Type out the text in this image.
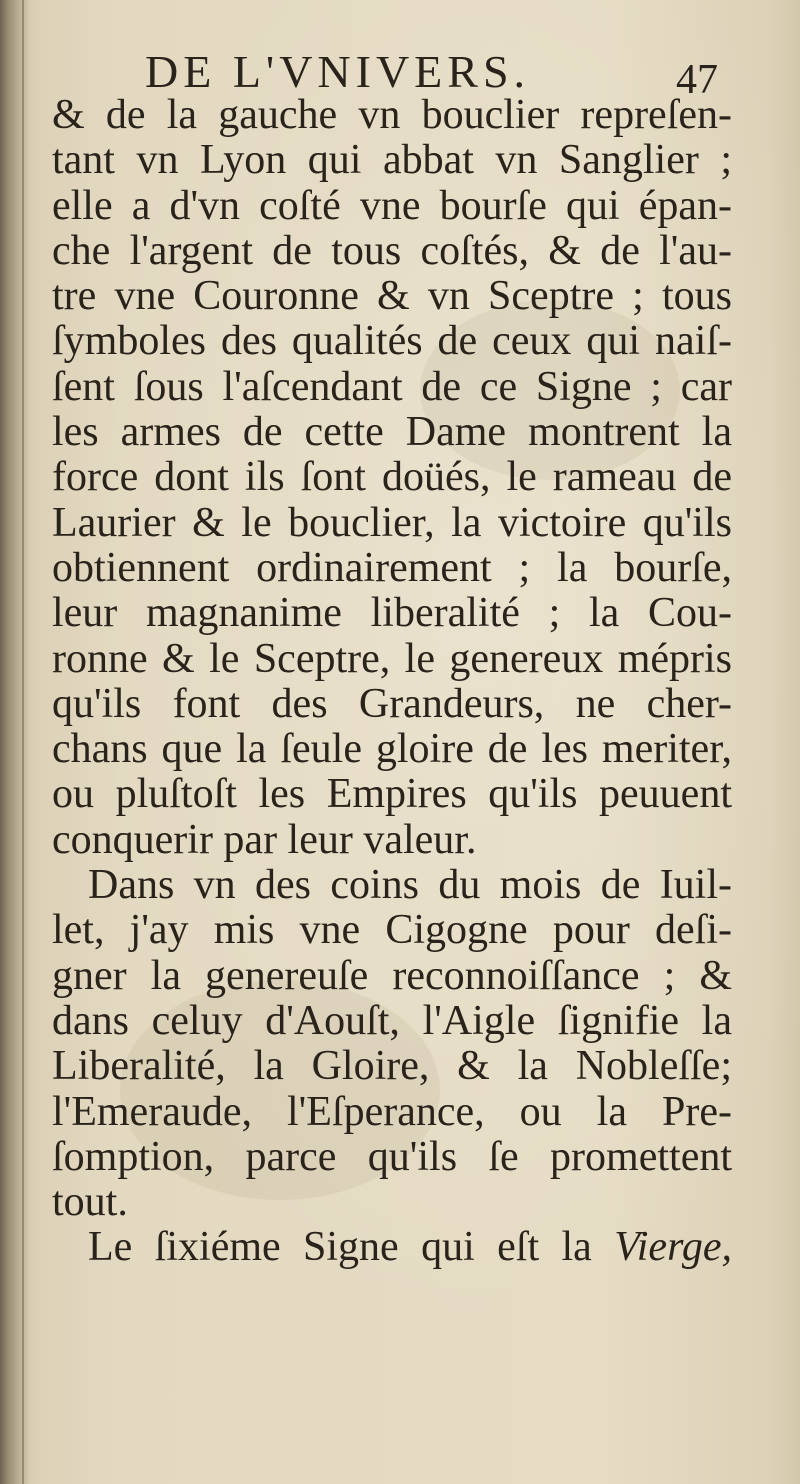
DE L'VNIVERS.	47
& de la gauche vn bouclier repreſen-
tant vn Lyon qui abbat vn Sanglier ;
elle a d'vn coſté vne bourſe qui épan-
che l'argent de tous coſtés, & de l'au-
tre vne Couronne & vn Sceptre ; tous
ſymboles des qualités de ceux qui naiſ-
ſent ſous l'aſcendant de ce Signe ; car
les armes de cette Dame montrent la
force dont ils ſont doüés, le rameau de
Laurier & le bouclier, la victoire qu'ils
obtiennent ordinairement ; la bourſe,
leur magnanime liberalité ; la Cou-
ronne & le Sceptre, le genereux mépris
qu'ils font des Grandeurs, ne cher-
chans que la ſeule gloire de les meriter,
ou pluſtoſt les Empires qu'ils peuuent
conquerir par leur valeur.
Dans vn des coins du mois de Iuil-
let, j'ay mis vne Cigogne pour deſi-
gner la genereuſe reconnoiſſance ; &
dans celuy d'Aouſt, l'Aigle ſignifie la
Liberalité, la Gloire, & la Nobleſſe;
l'Emeraude, l'Eſperance, ou la Pre-
ſomption, parce qu'ils ſe promettent
tout.
Le ſixiéme Signe qui eſt la Vierge,
